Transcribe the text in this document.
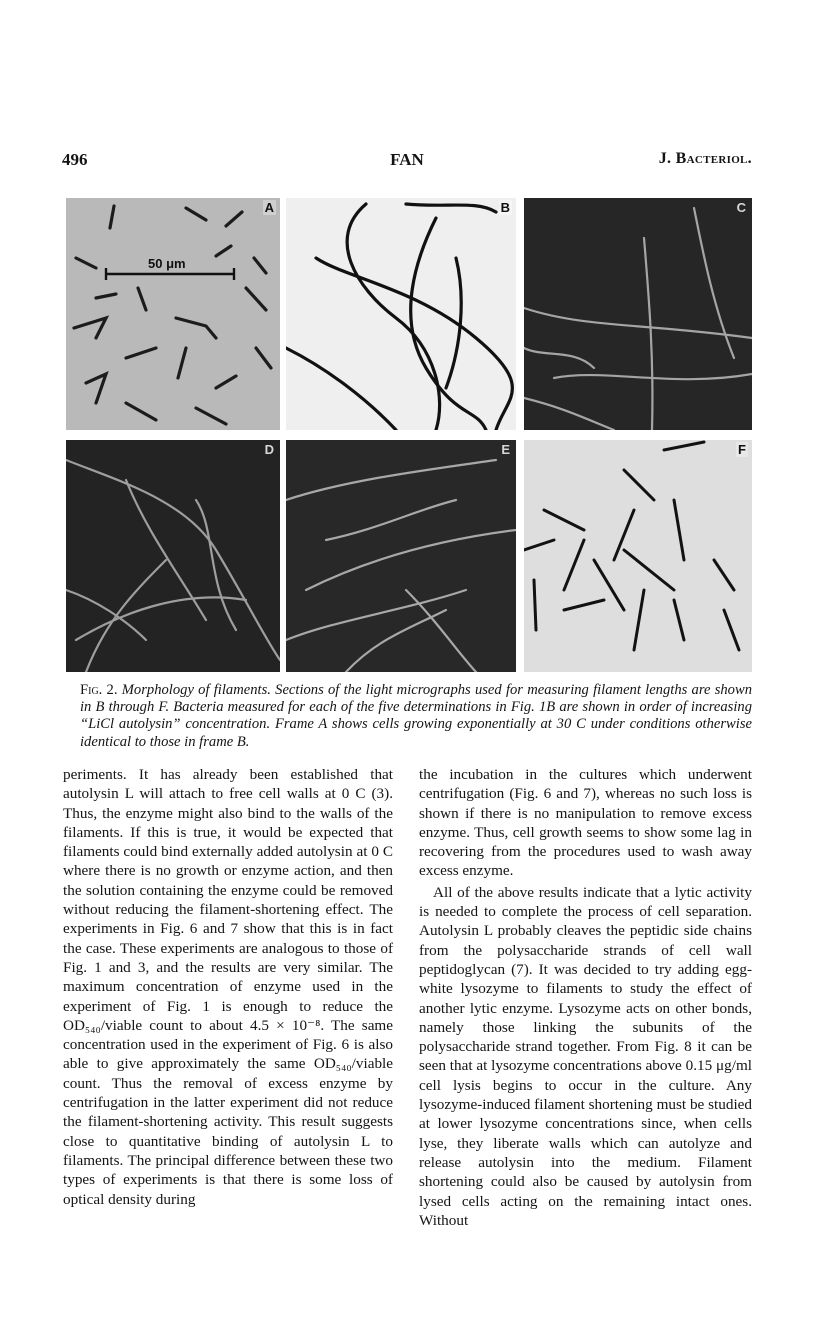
496	FAN	J. Bacteriol.
50 μm
A	B	C
D	E	F
Fig. 2. Morphology of filaments. Sections of the light micrographs used for measuring filament lengths are shown in B through F. Bacteria measured for each of the five determinations in Fig. 1B are shown in order of increasing “LiCl autolysin” concentration. Frame A shows cells growing exponentially at 30 C under conditions otherwise identical to those in frame B.

periments. It has already been established that autolysin L will attach to free cell walls at 0 C (3). Thus, the enzyme might also bind to the walls of the filaments. If this is true, it would be expected that filaments could bind externally added autolysin at 0 C where there is no growth or enzyme action, and then the solution containing the enzyme could be removed without reducing the filament-shortening effect. The experiments in Fig. 6 and 7 show that this is in fact the case. These experiments are analogous to those of Fig. 1 and 3, and the results are very similar. The maximum concentration of enzyme used in the experiment of Fig. 1 is enough to reduce the OD₅₄₀/viable count to about 4.5 × 10⁻⁸. The same concentration used in the experiment of Fig. 6 is also able to give approximately the same OD₅₄₀/viable count. Thus the removal of excess enzyme by centrifugation in the latter experiment did not reduce the filament-shortening activity. This result suggests close to quantitative binding of autolysin L to filaments. The principal difference between these two types of experiments is that there is some loss of optical density during

the incubation in the cultures which underwent centrifugation (Fig. 6 and 7), whereas no such loss is shown if there is no manipulation to remove excess enzyme. Thus, cell growth seems to show some lag in recovering from the procedures used to wash away excess enzyme.

All of the above results indicate that a lytic activity is needed to complete the process of cell separation. Autolysin L probably cleaves the peptidic side chains from the polysaccharide strands of cell wall peptidoglycan (7). It was decided to try adding egg-white lysozyme to filaments to study the effect of another lytic enzyme. Lysozyme acts on other bonds, namely those linking the subunits of the polysaccharide strand together. From Fig. 8 it can be seen that at lysozyme concentrations above 0.15 μg/ml cell lysis begins to occur in the culture. Any lysozyme-induced filament shortening must be studied at lower lysozyme concentrations since, when cells lyse, they liberate walls which can autolyze and release autolysin into the medium. Filament shortening could also be caused by autolysin from lysed cells acting on the remaining intact ones. Without
